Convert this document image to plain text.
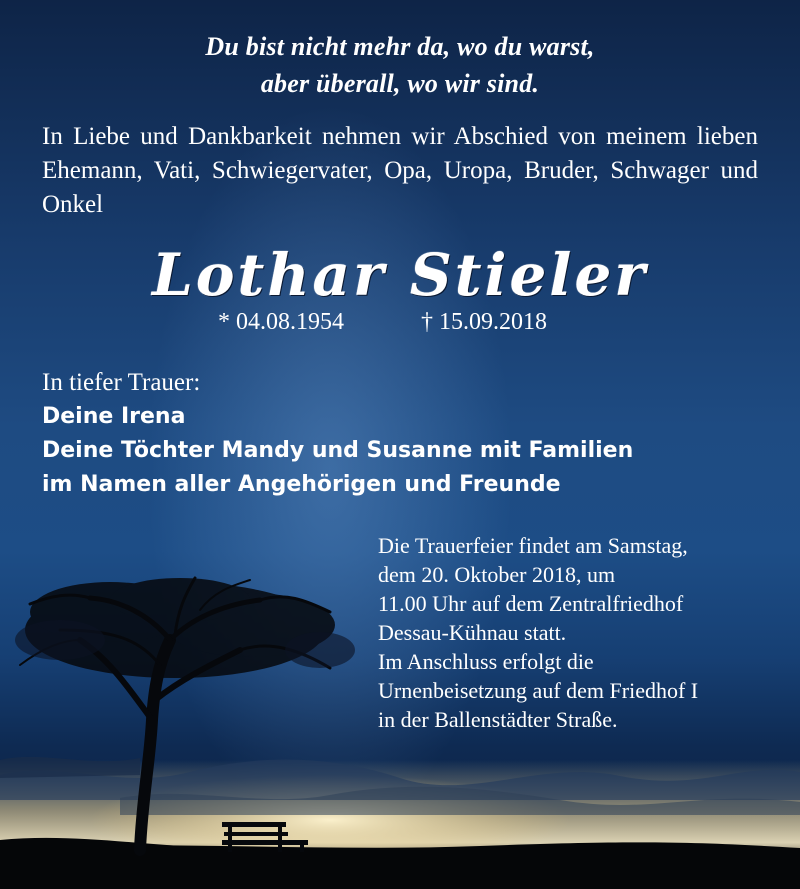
Du bist nicht mehr da, wo du warst,
aber überall, wo wir sind.
In Liebe und Dankbarkeit nehmen wir Abschied von meinem lieben Ehemann, Vati, Schwiegervater, Opa, Uropa, Bruder, Schwager und Onkel
Lothar Stieler
* 04.08.1954	† 15.09.2018
In tiefer Trauer:
Deine Irena
Deine Töchter Mandy und Susanne mit Familien
im Namen aller Angehörigen und Freunde
Die Trauerfeier findet am Samstag,
dem 20. Oktober 2018, um
11.00 Uhr auf dem Zentralfriedhof
Dessau-Kühnau statt.
Im Anschluss erfolgt die
Urnenbeisetzung auf dem Friedhof I
in der Ballenstädter Straße.
